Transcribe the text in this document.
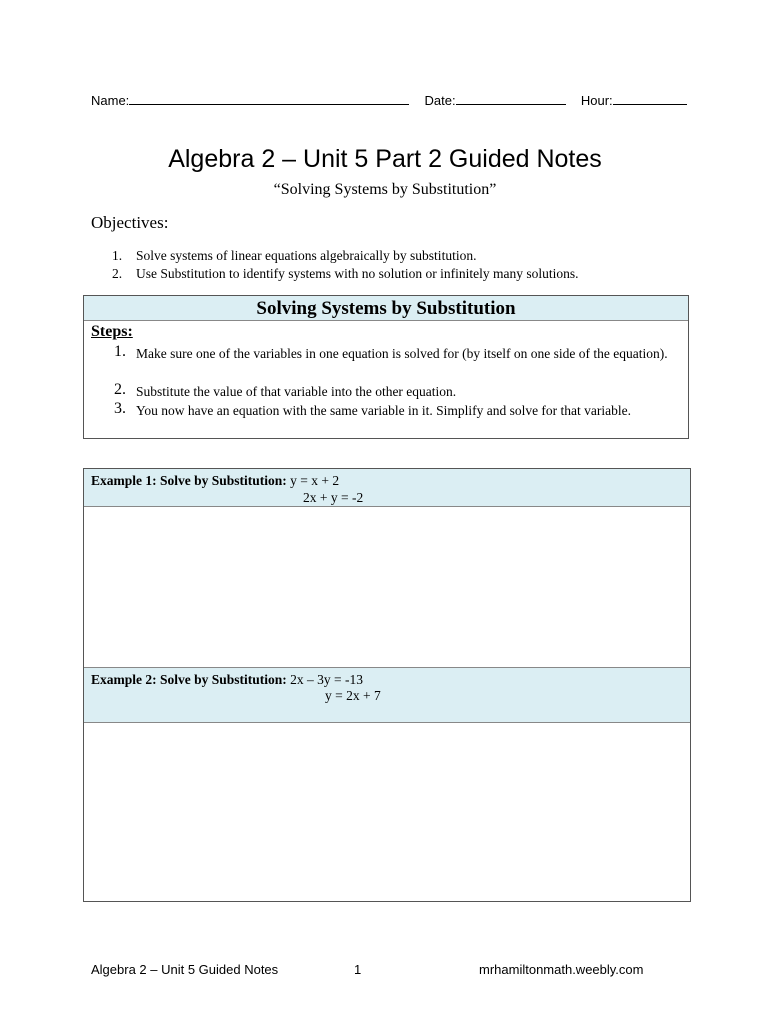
Name:	Date:	Hour:
Algebra 2 – Unit 5 Part 2 Guided Notes
“Solving Systems by Substitution”
Objectives:
1. Solve systems of linear equations algebraically by substitution.
2. Use Substitution to identify systems with no solution or infinitely many solutions.
Solving Systems by Substitution
Steps:
1. Make sure one of the variables in one equation is solved for (by itself on one side of the equation).
2. Substitute the value of that variable into the other equation.
3. You now have an equation with the same variable in it. Simplify and solve for that variable.
Example 1: Solve by Substitution: y = x + 2
2x + y = -2
Example 2: Solve by Substitution: 2x – 3y = -13
y = 2x + 7
Algebra 2 – Unit 5 Guided Notes	1	mrhamiltonmath.weebly.com
